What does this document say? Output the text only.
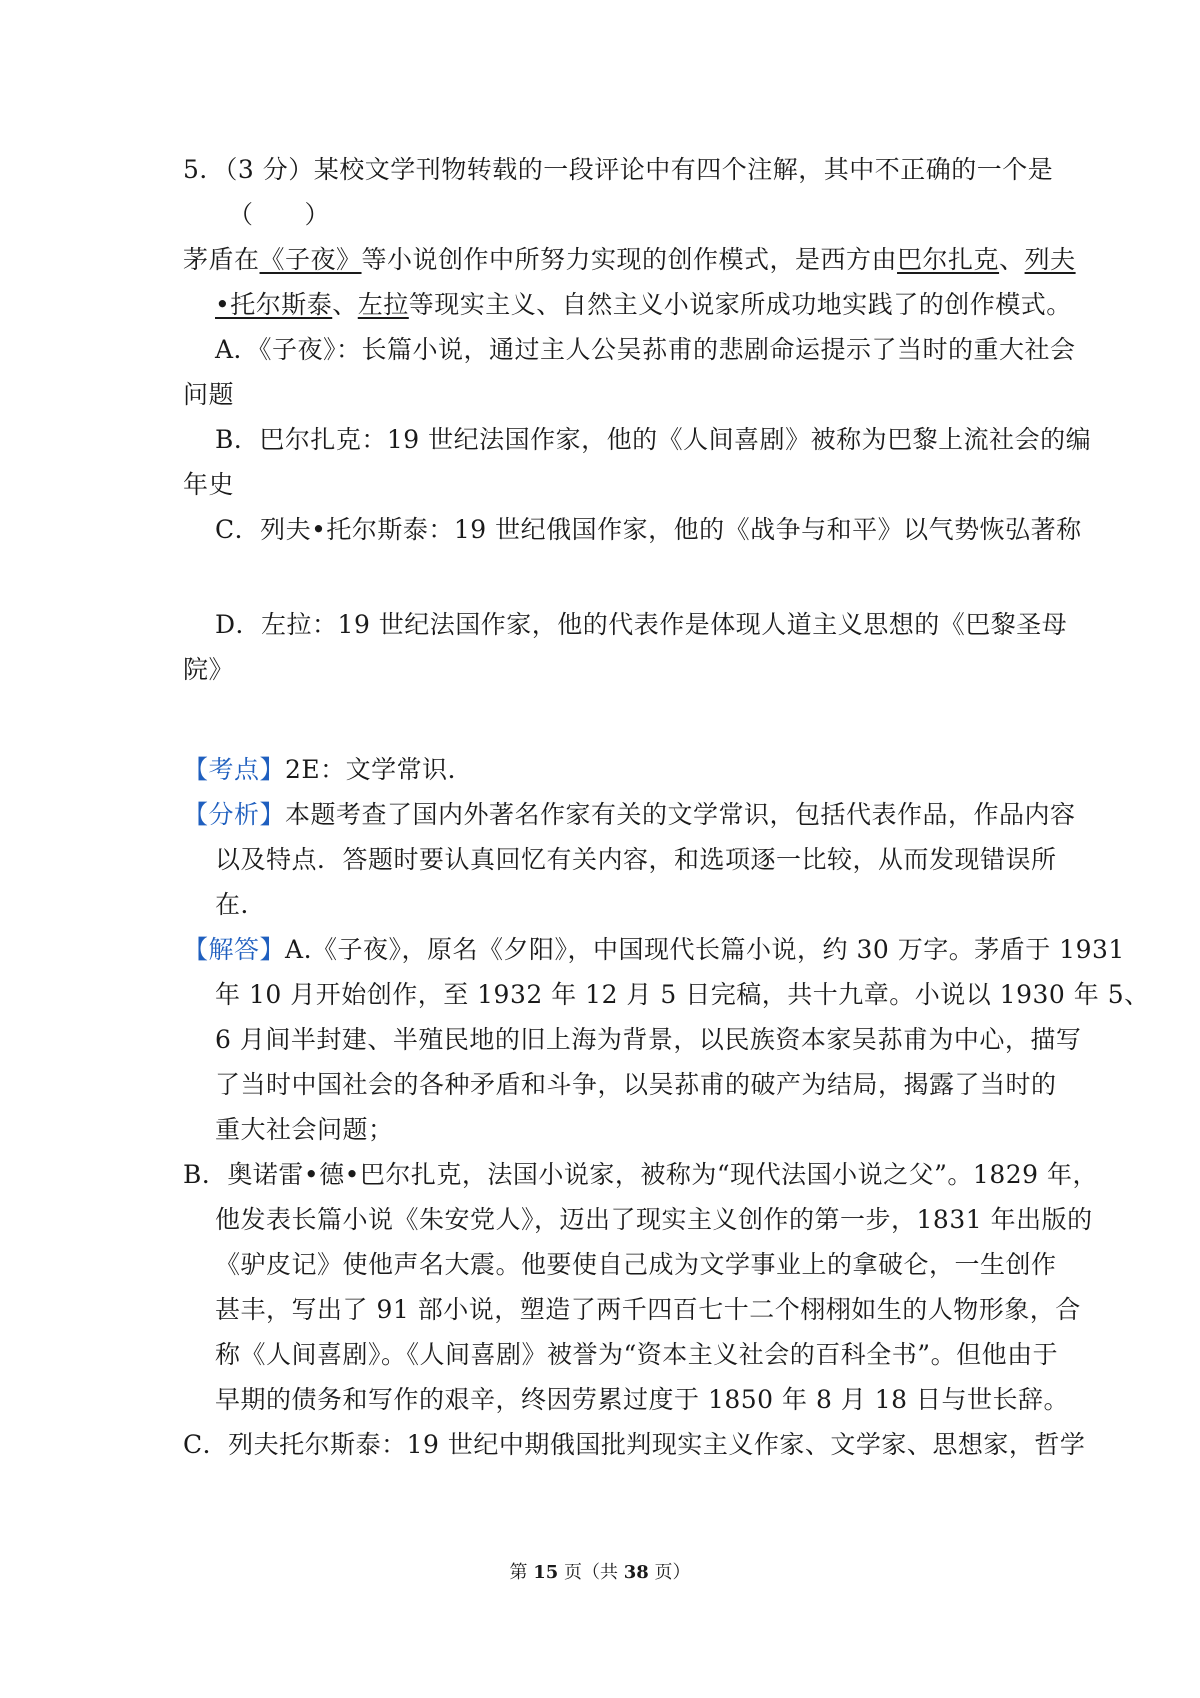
5．（3 分）某校文学刊物转载的一段评论中有四个注解，其中不正确的一个是
（　　）
茅盾在《子夜》等小说创作中所努力实现的创作模式，是西方由巴尔扎克、列夫
•托尔斯泰、左拉等现实主义、自然主义小说家所成功地实践了的创作模式。
A．《子夜》：长篇小说，通过主人公吴荪甫的悲剧命运提示了当时的重大社会
问题
B．巴尔扎克：19 世纪法国作家，他的《人间喜剧》被称为巴黎上流社会的编
年史
C．列夫•托尔斯泰：19 世纪俄国作家，他的《战争与和平》以气势恢弘著称
D．左拉：19 世纪法国作家，他的代表作是体现人道主义思想的《巴黎圣母
院》
【考点】2E：文学常识．
【分析】本题考查了国内外著名作家有关的文学常识，包括代表作品，作品内容
以及特点．答题时要认真回忆有关内容，和选项逐一比较，从而发现错误所
在．
【解答】A.《子夜》，原名《夕阳》，中国现代长篇小说，约 30 万字。茅盾于 1931
年 10 月开始创作，至 1932 年 12 月 5 日完稿，共十九章。小说以 1930 年 5、
6 月间半封建、半殖民地的旧上海为背景，以民族资本家吴荪甫为中心，描写
了当时中国社会的各种矛盾和斗争，以吴荪甫的破产为结局，揭露了当时的
重大社会问题；
B．奥诺雷•德•巴尔扎克，法国小说家，被称为“现代法国小说之父”。1829 年，
他发表长篇小说《朱安党人》，迈出了现实主义创作的第一步，1831 年出版的
《驴皮记》使他声名大震。他要使自己成为文学事业上的拿破仑，一生创作
甚丰，写出了 91 部小说，塑造了两千四百七十二个栩栩如生的人物形象，合
称《人间喜剧》。《人间喜剧》被誉为“资本主义社会的百科全书”。但他由于
早期的债务和写作的艰辛，终因劳累过度于 1850 年 8 月 18 日与世长辞。
C．列夫托尔斯泰：19 世纪中期俄国批判现实主义作家、文学家、思想家，哲学
第 15 页（共 38 页）
